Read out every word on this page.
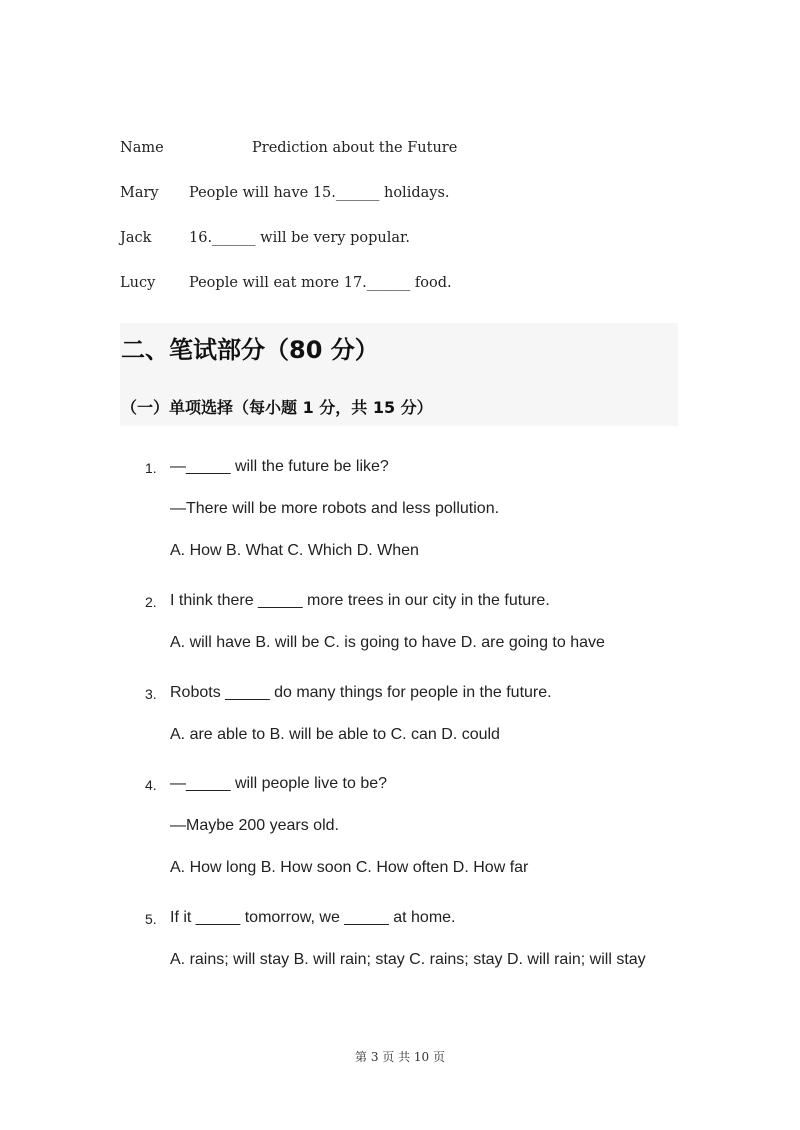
Name	Prediction about the Future
Mary People will have 15.______ holidays.
Jack	16.______ will be very popular.
Lucy People will eat more 17.______ food.
二、笔试部分（80 分）
（一）单项选择（每小题 1 分，共 15 分）
1. —_____ will the future be like?
—There will be more robots and less pollution.
A. How B. What C. Which D. When
2. I think there _____ more trees in our city in the future.
A. will have B. will be C. is going to have D. are going to have
3. Robots _____ do many things for people in the future.
A. are able to B. will be able to C. can D. could
4. —_____ will people live to be?
—Maybe 200 years old.
A. How long B. How soon C. How often D. How far
5. If it _____ tomorrow, we _____ at home.
A. rains; will stay B. will rain; stay C. rains; stay D. will rain; will stay
第 3 页 共 10 页
